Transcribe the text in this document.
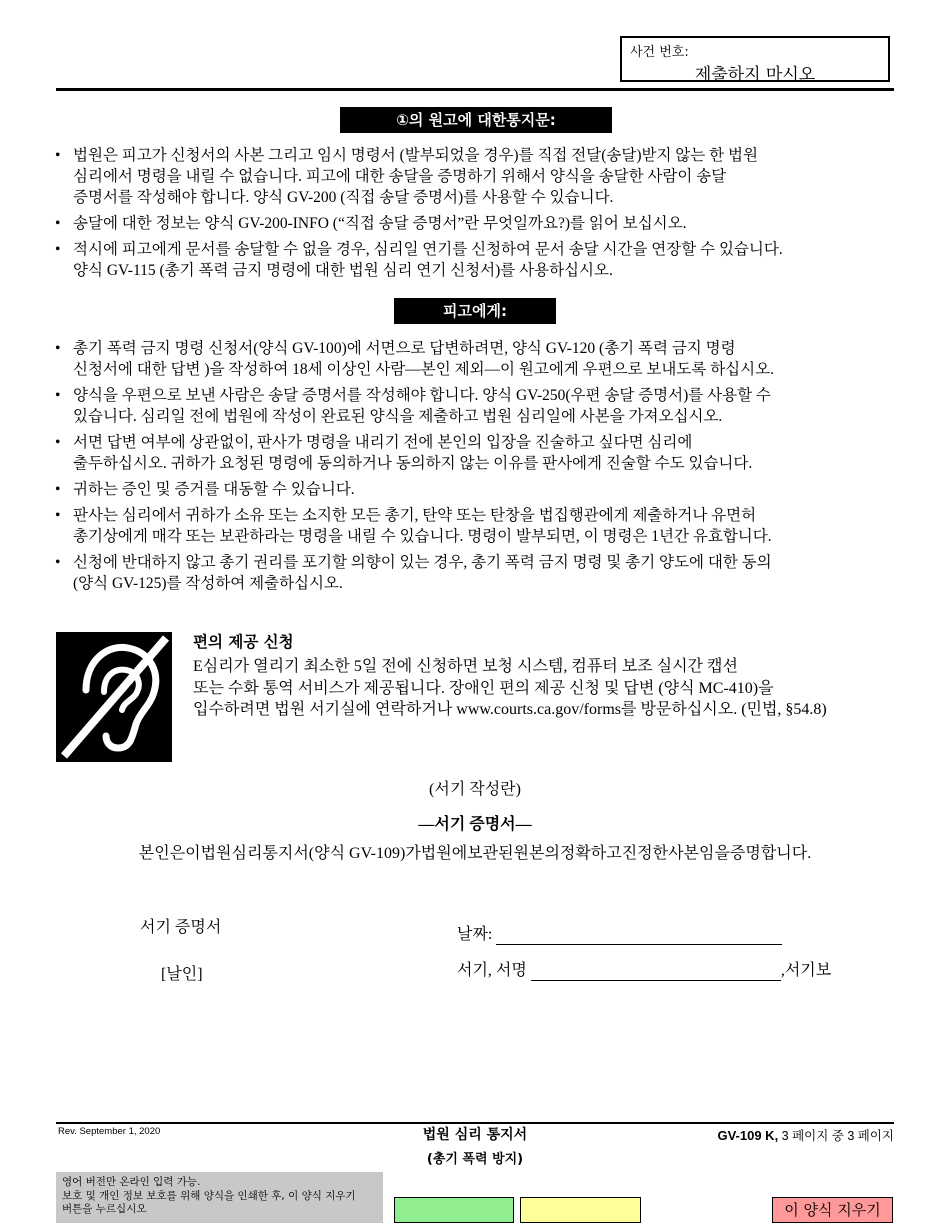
사건 번호:
제출하지 마시오
①의 원고에 대한통지문:
• 법원은 피고가 신청서의 사본 그리고 임시 명령서 (발부되었을 경우)를 직접 전달(송달)받지 않는 한 법원
심리에서 명령을 내릴 수 없습니다. 피고에 대한 송달을 증명하기 위해서 양식을 송달한 사람이 송달
증명서를 작성해야 합니다. 양식 GV-200 (직접 송달 증명서)를 사용할 수 있습니다.
• 송달에 대한 정보는 양식 GV-200-INFO (“직접 송달 증명서”란 무엇일까요?)를 읽어 보십시오.
• 적시에 피고에게 문서를 송달할 수 없을 경우, 심리일 연기를 신청하여 문서 송달 시간을 연장할 수 있습니다.
양식 GV-115 (총기 폭력 금지 명령에 대한 법원 심리 연기 신청서)를 사용하십시오.
피고에게:
• 총기 폭력 금지 명령 신청서(양식 GV-100)에 서면으로 답변하려면, 양식 GV-120 (총기 폭력 금지 명령
신청서에 대한 답변 )을 작성하여 18세 이상인 사람—본인 제외—이 원고에게 우편으로 보내도록 하십시오.
• 양식을 우편으로 보낸 사람은 송달 증명서를 작성해야 합니다. 양식 GV-250(우편 송달 증명서)를 사용할 수
있습니다. 심리일 전에 법원에 작성이 완료된 양식을 제출하고 법원 심리일에 사본을 가져오십시오.
• 서면 답변 여부에 상관없이, 판사가 명령을 내리기 전에 본인의 입장을 진술하고 싶다면 심리에
출두하십시오. 귀하가 요청된 명령에 동의하거나 동의하지 않는 이유를 판사에게 진술할 수도 있습니다.
• 귀하는 증인 및 증거를 대동할 수 있습니다.
• 판사는 심리에서 귀하가 소유 또는 소지한 모든 총기, 탄약 또는 탄창을 법집행관에게 제출하거나 유면허
총기상에게 매각 또는 보관하라는 명령을 내릴 수 있습니다. 명령이 발부되면, 이 명령은 1년간 유효합니다.
• 신청에 반대하지 않고 총기 권리를 포기할 의향이 있는 경우, 총기 폭력 금지 명령 및 총기 양도에 대한 동의
(양식 GV-125)를 작성하여 제출하십시오.
편의 제공 신청
E심리가 열리기 최소한 5일 전에 신청하면 보청 시스템, 컴퓨터 보조 실시간 캡션
또는 수화 통역 서비스가 제공됩니다. 장애인 편의 제공 신청 및 답변 (양식 MC-410)을
입수하려면 법원 서기실에 연락하거나 www.courts.ca.gov/forms를 방문하십시오. (민법, §54.8)
(서기 작성란)
—서기 증명서—
본인은이법원심리통지서(양식 GV-109)가법원에보관된원본의정확하고진정한사본임을증명합니다.
서기 증명서
[날인]
날짜:
서기, 서명	,서기보
Rev. September 1, 2020	법원 심리 통지서
(총기 폭력 방지)
GV-109 K, 3 페이지 중 3 페이지
영어 버전만 온라인 입력 가능.
보호 및 개인 정보 보호를 위해 양식을 인쇄한 후, 이 양식 지우기
버튼을 누르십시오	이 양식 지우기
